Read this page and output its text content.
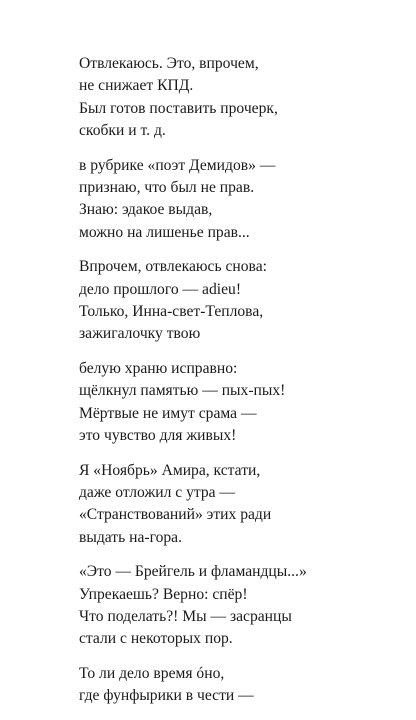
Отвлекаюсь. Это, впрочем,
не снижает КПД.
Был готов поставить прочерк,
скобки и т. д.
в рубрике «поэт Демидов» —
признаю, что был не прав.
Знаю: эдакое выдав,
можно на лишенье прав...
Впрочем, отвлекаюсь снова:
дело прошлого — adieu!
Только, Инна-свет-Теплова,
зажигалочку твою
белую храню исправно:
щёлкнул памятью — пых-пых!
Мёртвые не имут срама —
это чувство для живых!
Я «Ноябрь» Амира, кстати,
даже отложил с утра —
«Странствований» этих ради
выдать на-гора.
«Это — Брейгель и фламандцы...»
Упрекаешь? Верно: спёр!
Что поделать?! Мы — засранцы
стали с некоторых пор.
То ли дело время óно,
где фунфырики в чести —
